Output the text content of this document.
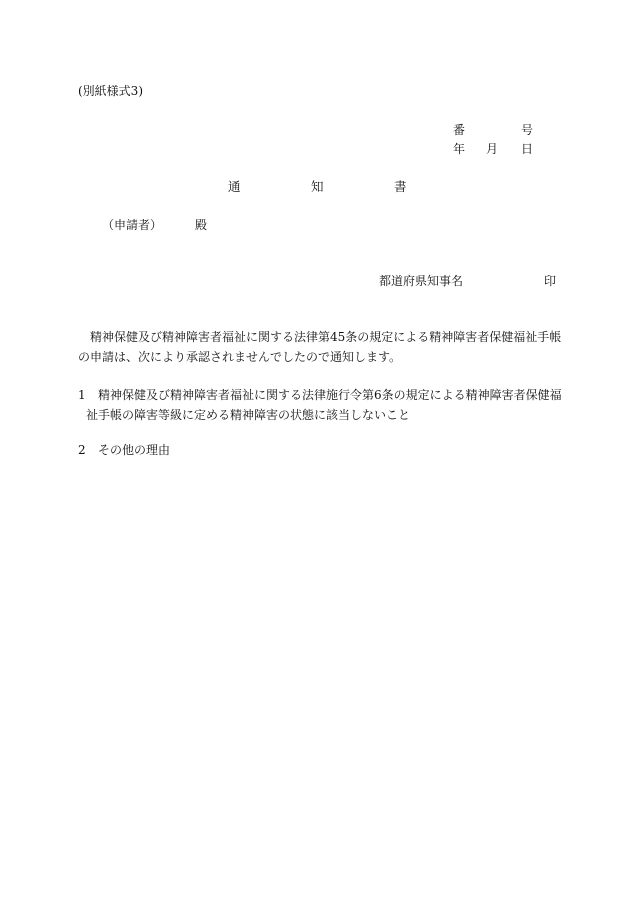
(別紙様式3)
番	号
年 月 日
通	知	書
（申請者）	殿
都道府県知事名	印

精神保健及び精神障害者福祉に関する法律第45条の規定による精神障害者保健福祉手帳

の申請は、次により承認されませんでしたので通知します。

1 精神保健及び精神障害者福祉に関する法律施行令第6条の規定による精神障害者保健福
祉手帳の障害等級に定める精神障害の状態に該当しないこと
2 その他の理由
